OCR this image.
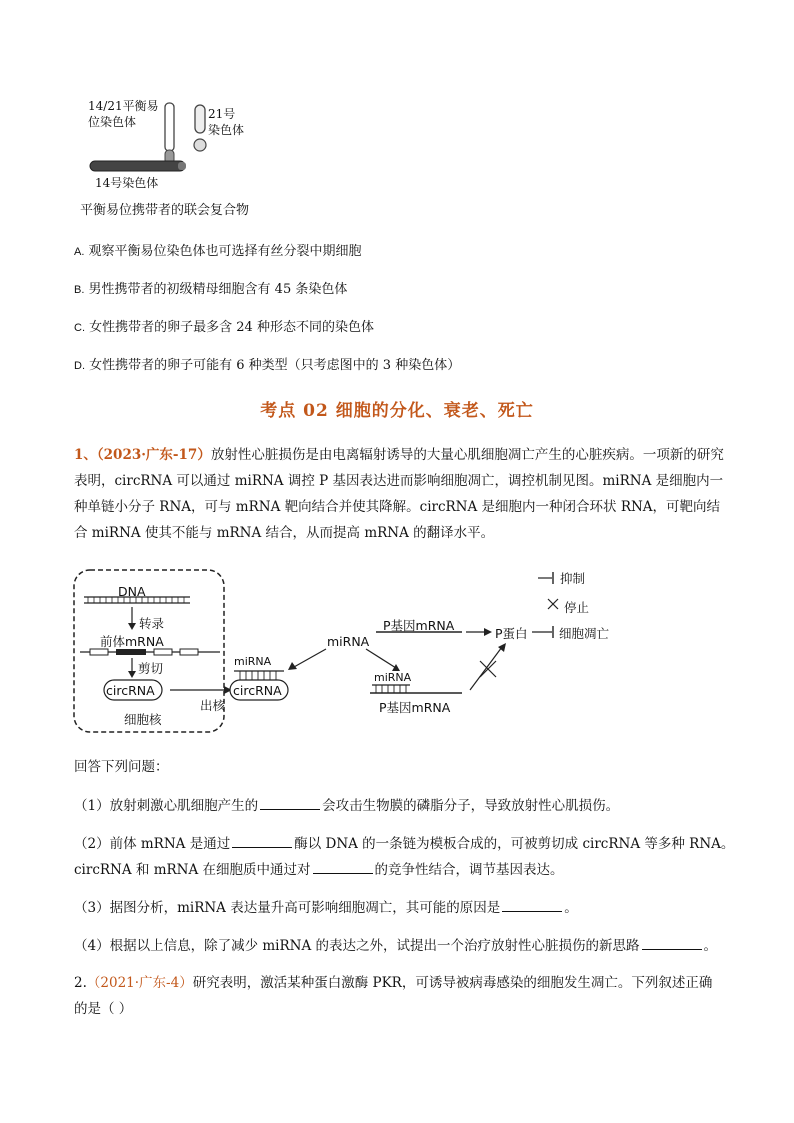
14/21平衡易
位染色体
21号
染色体
14号染色体
平衡易位携带者的联会复合物
A. 观察平衡易位染色体也可选择有丝分裂中期细胞
B. 男性携带者的初级精母细胞含有 45 条染色体
C. 女性携带者的卵子最多含 24 种形态不同的染色体
D. 女性携带者的卵子可能有 6 种类型（只考虑图中的 3 种染色体）
考点 02 细胞的分化、衰老、死亡
1、（2023·广东-17）放射性心脏损伤是由电离辐射诱导的大量心肌细胞凋亡产生的心脏疾病。一项新的研究
表明，circRNA 可以通过 miRNA 调控 P 基因表达进而影响细胞凋亡，调控机制见图。miRNA 是细胞内一
种单链小分子 RNA，可与 mRNA 靶向结合并使其降解。circRNA 是细胞内一种闭合环状 RNA，可靶向结
合 miRNA 使其不能与 mRNA 结合，从而提高 mRNA 的翻译水平。
DNA
转录
前体mRNA
剪切
circRNA
细胞核
出核
miRNA
circRNA
miRNA
P基因mRNA
P蛋白	细胞凋亡
miRNA
P基因mRNA
抑制
停止
回答下列问题：
（1）放射刺激心肌细胞产生的	会攻击生物膜的磷脂分子，导致放射性心肌损伤。
（2）前体 mRNA 是通过	酶以 DNA 的一条链为模板合成的，可被剪切成 circRNA 等多种 RNA。
circRNA 和 mRNA 在细胞质中通过对	的竞争性结合，调节基因表达。
（3）据图分析，miRNA 表达量升高可影响细胞凋亡，其可能的原因是	。
（4）根据以上信息，除了减少 miRNA 的表达之外，试提出一个治疗放射性心脏损伤的新思路	。
2.（2021·广东-4）研究表明，激活某种蛋白激酶 PKR，可诱导被病毒感染的细胞发生凋亡。下列叙述正确
的是（ ）
